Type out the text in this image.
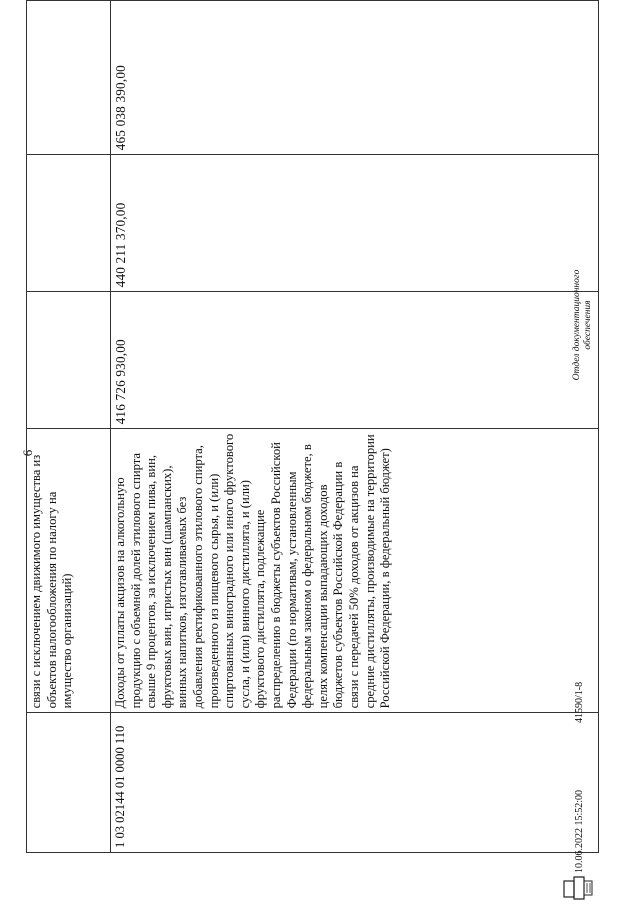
6
	связи с исключением движимого имущества из объектов налогообложения по налогу на имущество организаций)			
1 03 02144 01 0000 110	Доходы от уплаты акцизов на алкогольную продукцию с объемной долей этилового спирта свыше 9 процентов, за исключением пива, вин, фруктовых вин, игристых вин (шампанских), винных напитков, изготавливаемых без добавления ректификованного этилового спирта, произведенного из пищевого сырья, и (или) спиртованных виноградного или иного фруктового сусла, и (или) винного дистиллята, и (или) фруктового дистиллята, подлежащие распределению в бюджеты субъектов Российской Федерации (по нормативам, установленным федеральным законом о федеральном бюджете, в целях компенсации выпадающих доходов бюджетов субъектов Российской Федерации в связи с передачей 50% доходов от акцизов на средние дистилляты, производимые на территории Российской Федерации, в федеральный бюджет)	416 726 930,00	440 211 370,00	465 038 390,00
10.06.2022 15:52:00
41590/1-8
Отдел документационного обеспечения
